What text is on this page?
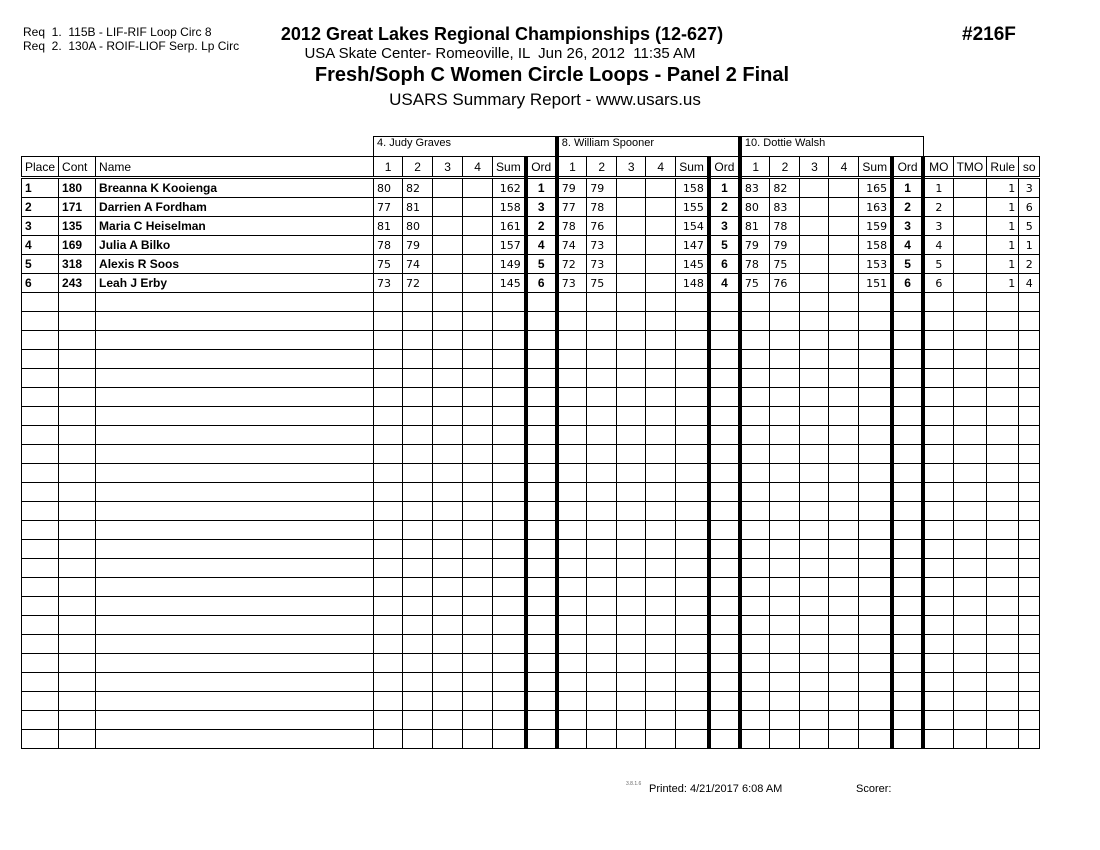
Req  1.  115B - LIF-RIF Loop Circ 8
Req  2.  130A - ROIF-LIOF Serp. Lp Circ
2012 Great Lakes Regional Championships (12-627)
USA Skate Center- Romeoville, IL  Jun 26, 2012  11:35 AM
Fresh/Soph C Women Circle Loops - Panel 2 Final
USARS Summary Report - www.usars.us
#216F
			4. Judy Graves						8. William Spooner						10. Dottie Walsh									
Place	Cont	Name	1	2	3	4	Sum	Ord	1	2	3	4	Sum	Ord	1	2	3	4	Sum	Ord	MO	TMO	Rule	so
1	180	Breanna K Kooienga	80	82			162	1	79	79			158	1	83	82			165	1	1		1	3
2	171	Darrien A Fordham	77	81			158	3	77	78			155	2	80	83			163	2	2		1	6
3	135	Maria C Heiselman	81	80			161	2	78	76			154	3	81	78			159	3	3		1	5
4	169	Julia A Bilko	78	79			157	4	74	73			147	5	79	79			158	4	4		1	1
5	318	Alexis R Soos	75	74			149	5	72	73			145	6	78	75			153	5	5		1	2
6	243	Leah J Erby	73	72			145	6	73	75			148	4	75	76			151	6	6		1	4

3.8.1.6 Printed: 4/21/2017 6:08 AM	Scorer:
